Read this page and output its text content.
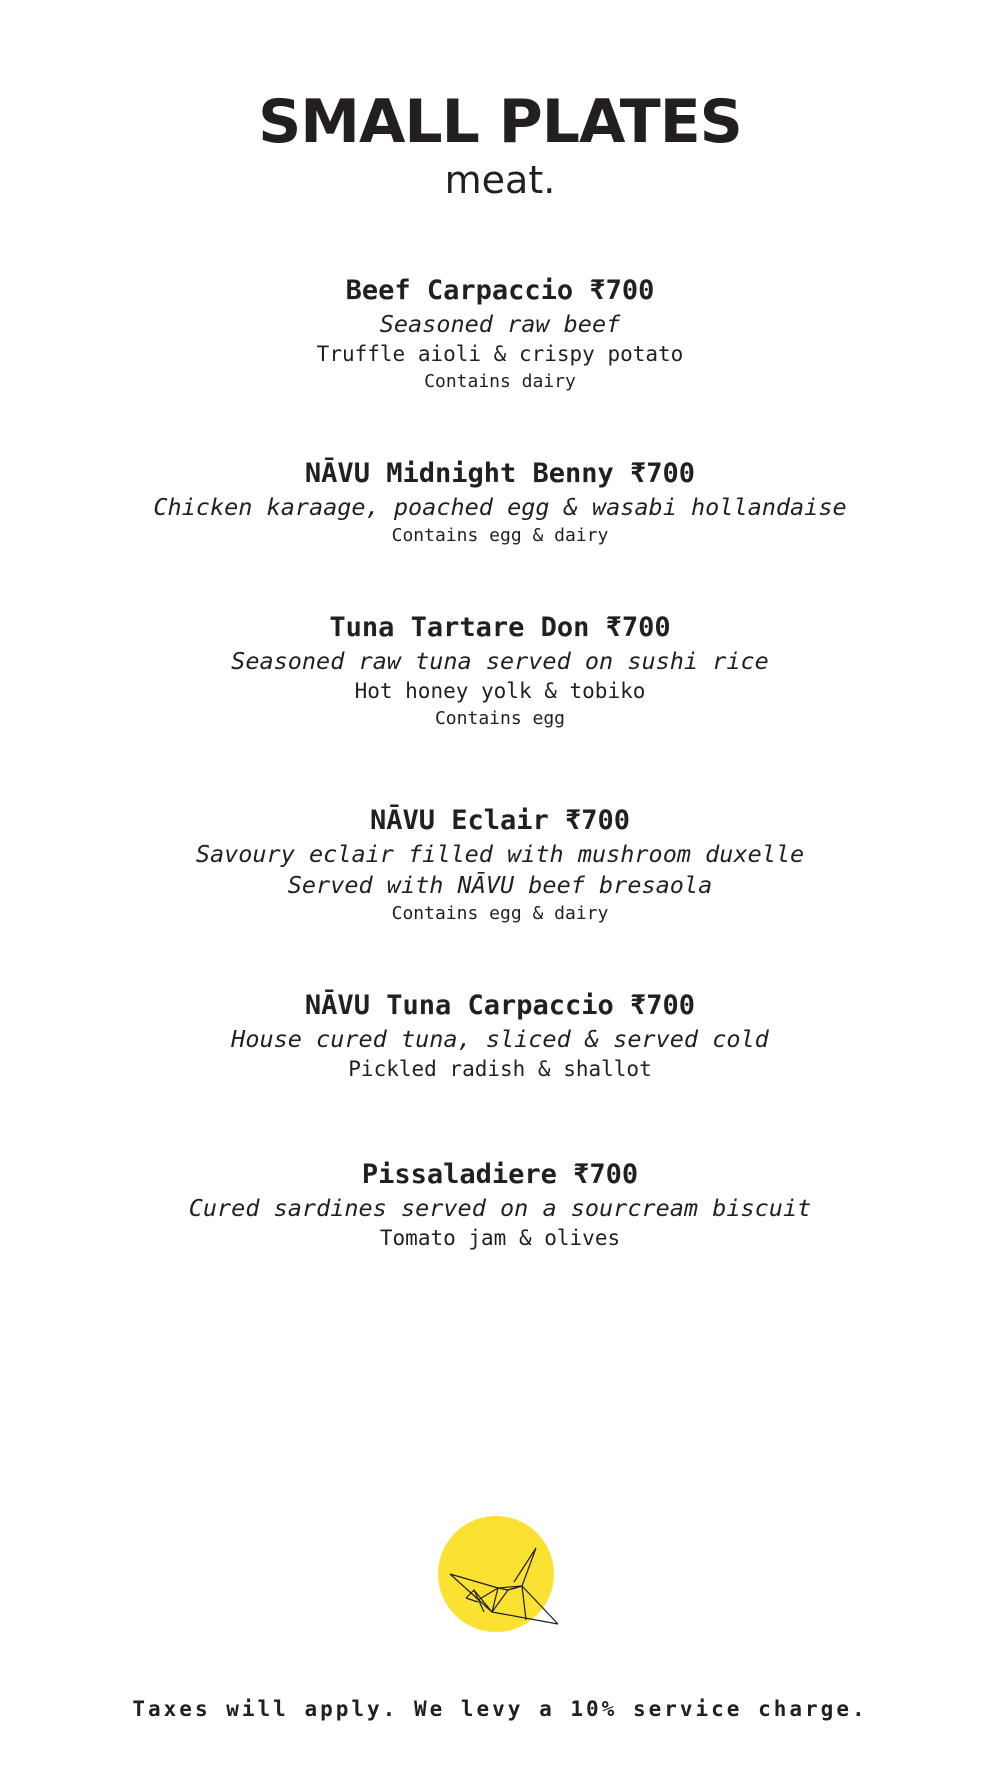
SMALL PLATES
meat.
Beef Carpaccio ₹700
Seasoned raw beef
Truffle aioli & crispy potato
Contains dairy
NĀVU Midnight Benny ₹700
Chicken karaage, poached egg & wasabi hollandaise
Contains egg & dairy
Tuna Tartare Don ₹700
Seasoned raw tuna served on sushi rice
Hot honey yolk & tobiko
Contains egg
NĀVU Eclair ₹700
Savoury eclair filled with mushroom duxelle
Served with NĀVU beef bresaola
Contains egg & dairy
NĀVU Tuna Carpaccio ₹700
House cured tuna, sliced & served cold
Pickled radish & shallot
Pissaladiere ₹700
Cured sardines served on a sourcream biscuit
Tomato jam & olives
Taxes will apply. We levy a 10% service charge.
